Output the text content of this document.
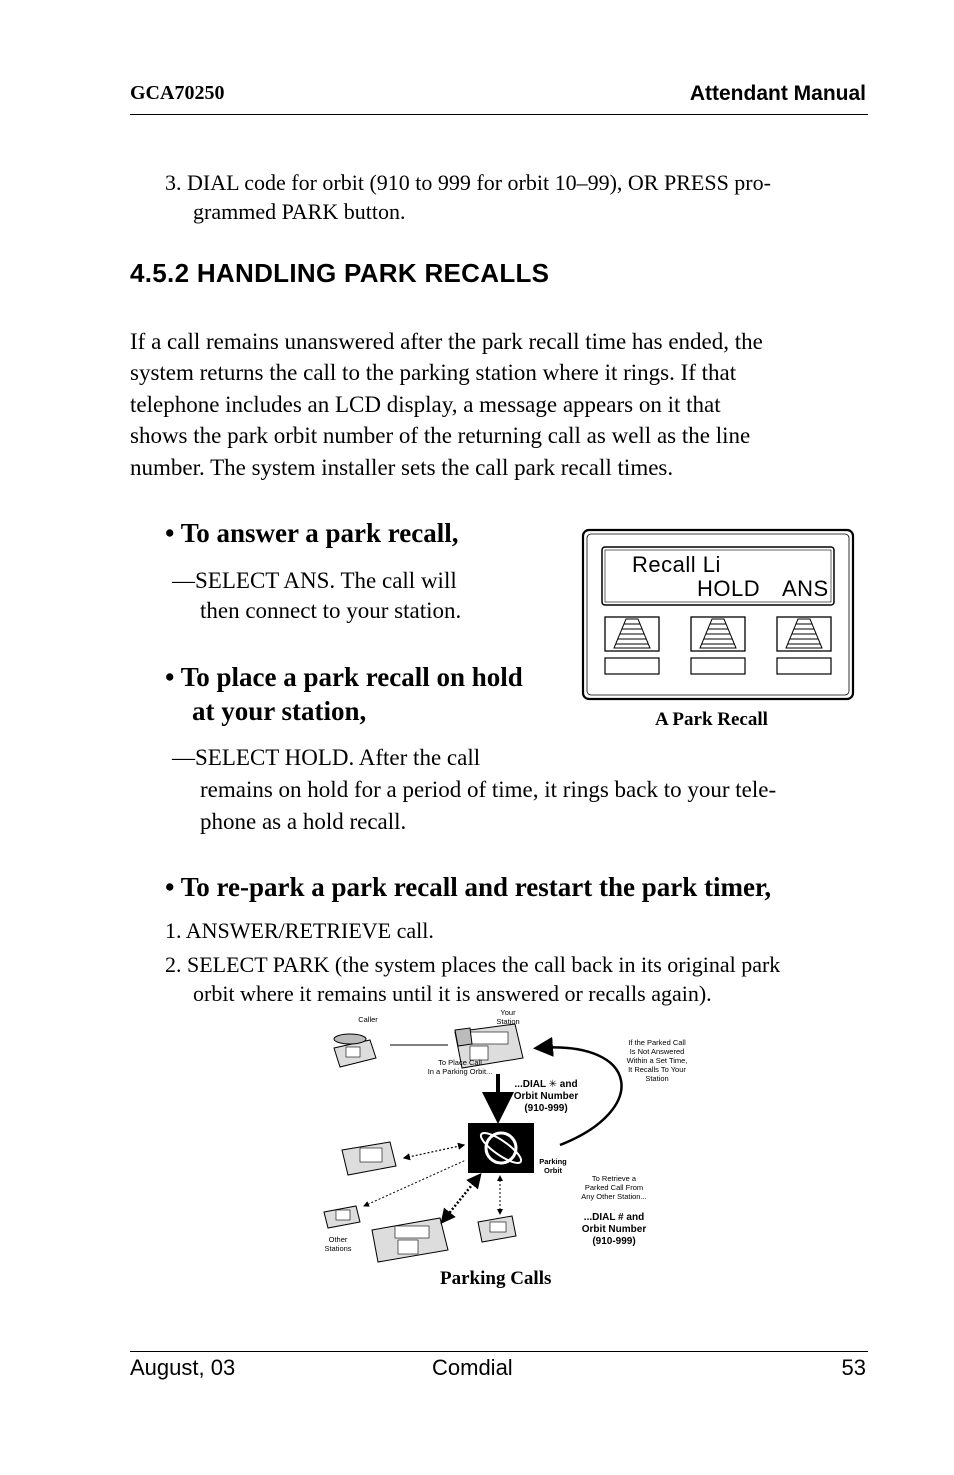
GCA70250	Attendant Manual
3. DIAL code for orbit (910 to 999 for orbit 10–99), OR PRESS pro-
grammed PARK button.
4.5.2 HANDLING PARK RECALLS
If a call remains unanswered after the park recall time has ended, the
system returns the call to the parking station where it rings. If that
telephone includes an LCD display, a message appears on it that
shows the park orbit number of the returning call as well as the line
number. The system installer sets the call park recall times.
• To answer a park recall,
—SELECT ANS. The call will
then connect to your station.
• To place a park recall on hold
at your station,
—SELECT HOLD. After the call
remains on hold for a period of time, it rings back to your tele-
phone as a hold recall.
Recall Li
HOLD ANS
A Park Recall
• To re-park a park recall and restart the park timer,
1. ANSWER/RETRIEVE call.
2. SELECT PARK (the system places the call back in its original park
orbit where it remains until it is answered or recalls again).
Caller
Your
Station
To Place Call
In a Parking Orbit...
...DIAL ✳ and
Orbit Number
(910-999)
If the Parked Call
Is Not Answered
Within a Set Time,
It Recalls To Your
Station
Parking
Orbit
To Retrieve a
Parked Call From
Any Other Station...
...DIAL # and
Orbit Number
(910-999)
Other
Stations
Parking Calls
August, 03	Comdial	53
